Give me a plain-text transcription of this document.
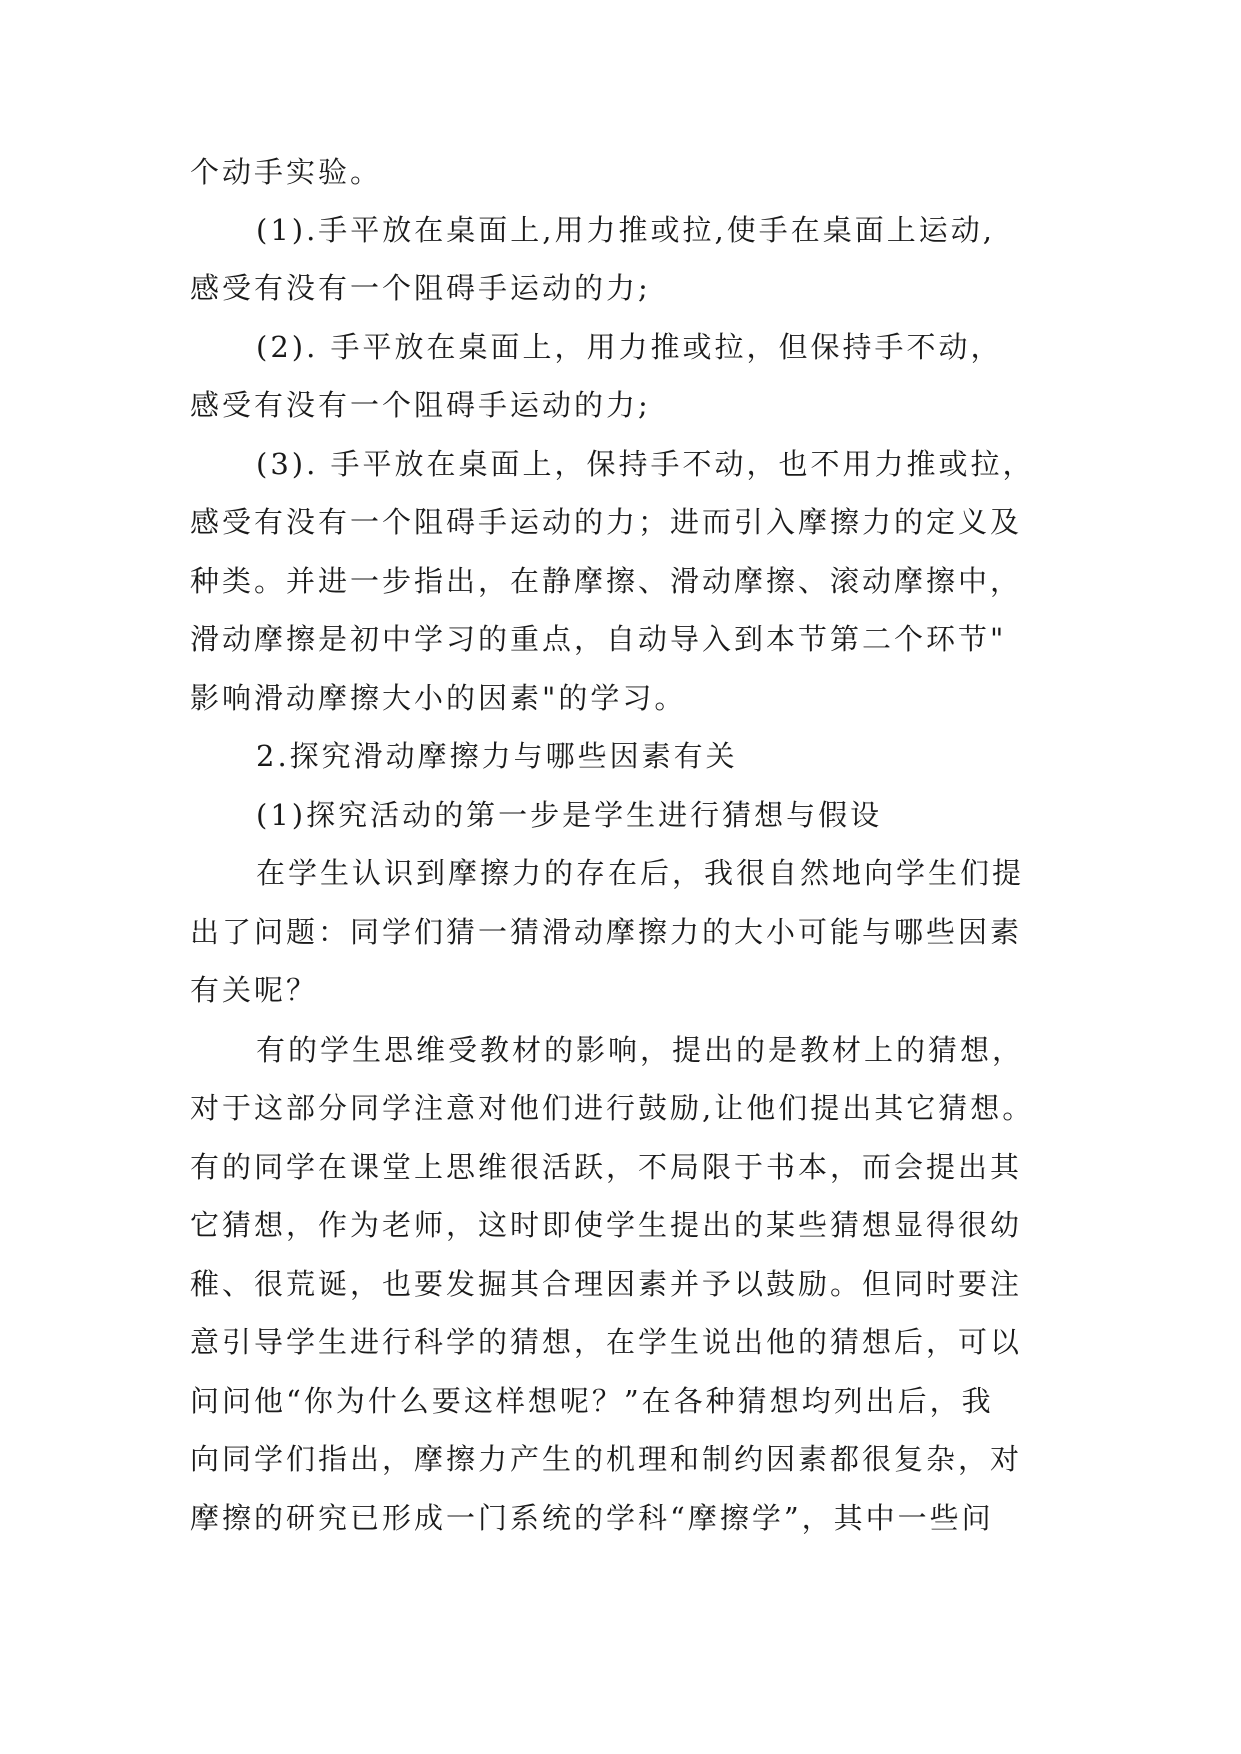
个动手实验。
(1).手平放在桌面上,用力推或拉,使手在桌面上运动,
感受有没有一个阻碍手运动的力;
(2). 手平放在桌面上，用力推或拉，但保持手不动，
感受有没有一个阻碍手运动的力;
(3). 手平放在桌面上，保持手不动，也不用力推或拉，
感受有没有一个阻碍手运动的力；进而引入摩擦力的定义及
种类。并进一步指出，在静摩擦、滑动摩擦、滚动摩擦中，
滑动摩擦是初中学习的重点，自动导入到本节第二个环节"
影响滑动摩擦大小的因素"的学习。
2.探究滑动摩擦力与哪些因素有关
(1)探究活动的第一步是学生进行猜想与假设
在学生认识到摩擦力的存在后，我很自然地向学生们提
出了问题：同学们猜一猜滑动摩擦力的大小可能与哪些因素
有关呢？
有的学生思维受教材的影响，提出的是教材上的猜想，
对于这部分同学注意对他们进行鼓励,让他们提出其它猜想。
有的同学在课堂上思维很活跃，不局限于书本，而会提出其
它猜想，作为老师，这时即使学生提出的某些猜想显得很幼
稚、很荒诞，也要发掘其合理因素并予以鼓励。但同时要注
意引导学生进行科学的猜想，在学生说出他的猜想后，可以
问问他“你为什么要这样想呢？”在各种猜想均列出后，我
向同学们指出，摩擦力产生的机理和制约因素都很复杂，对
摩擦的研究已形成一门系统的学科“摩擦学”，其中一些问
